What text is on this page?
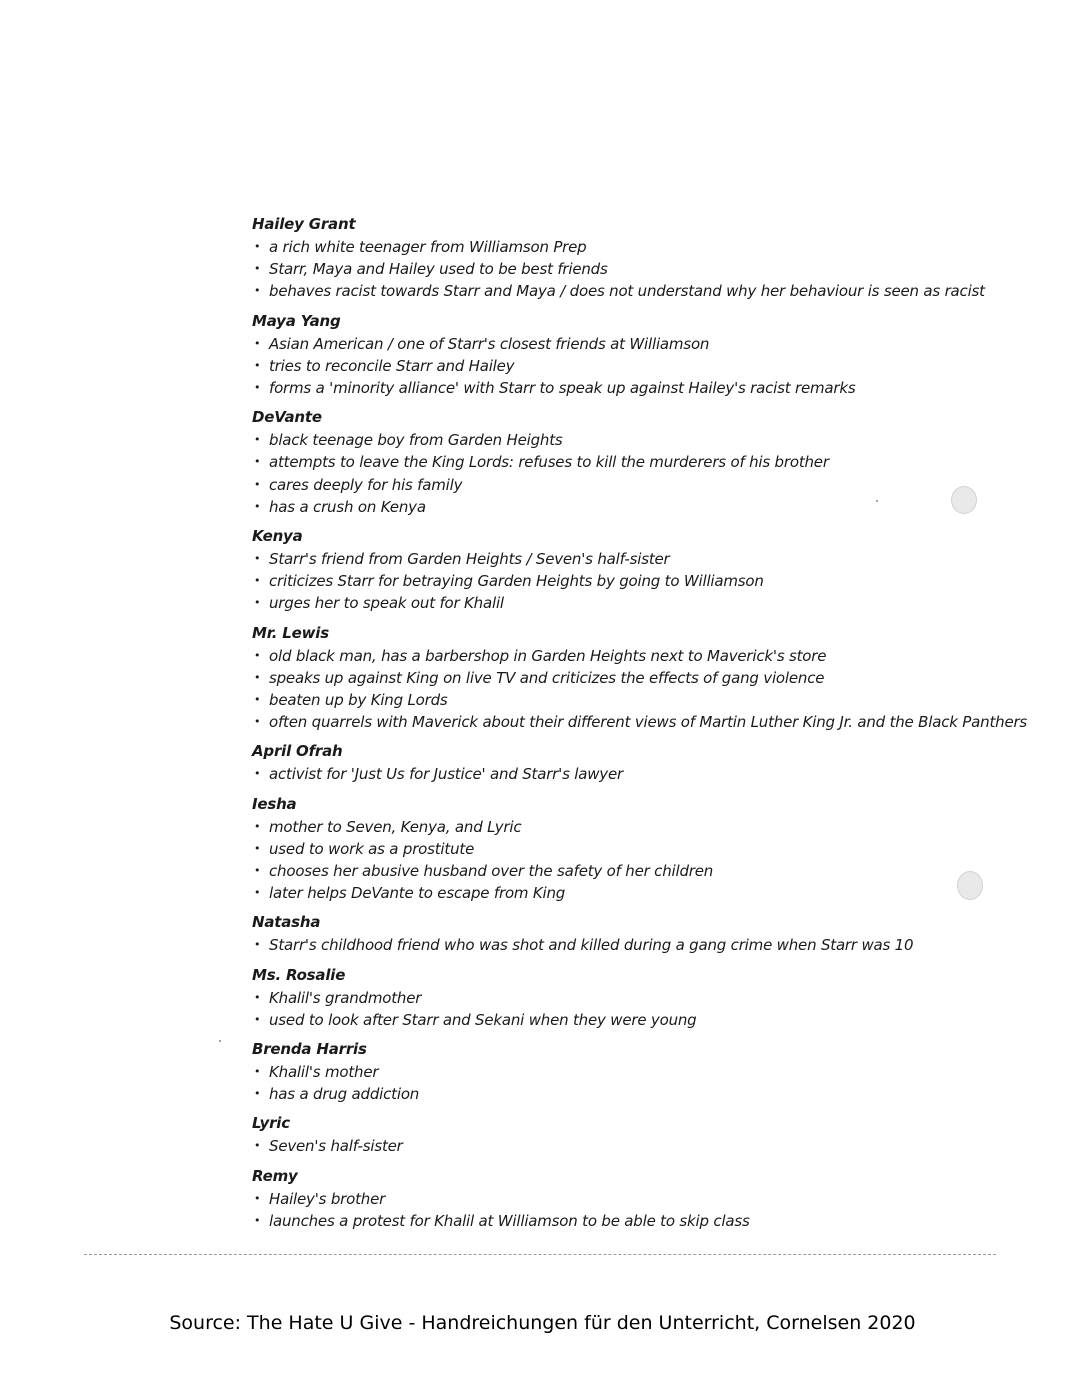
Hailey Grant

• a rich white teenager from Williamson Prep
• Starr, Maya and Hailey used to be best friends
• behaves racist towards Starr and Maya / does not understand why her behaviour is seen as racist

Maya Yang

• Asian American / one of Starr's closest friends at Williamson
• tries to reconcile Starr and Hailey
• forms a 'minority alliance' with Starr to speak up against Hailey's racist remarks

DeVante

• black teenage boy from Garden Heights
• attempts to leave the King Lords: refuses to kill the murderers of his brother
• cares deeply for his family
• has a crush on Kenya

Kenya

• Starr's friend from Garden Heights / Seven's half-sister
• criticizes Starr for betraying Garden Heights by going to Williamson
• urges her to speak out for Khalil

Mr. Lewis

• old black man, has a barbershop in Garden Heights next to Maverick's store
• speaks up against King on live TV and criticizes the effects of gang violence
• beaten up by King Lords
• often quarrels with Maverick about their different views of Martin Luther King Jr. and the Black Panthers

April Ofrah

• activist for 'Just Us for Justice' and Starr's lawyer

Iesha

• mother to Seven, Kenya, and Lyric
• used to work as a prostitute
• chooses her abusive husband over the safety of her children
• later helps DeVante to escape from King

Natasha

• Starr's childhood friend who was shot and killed during a gang crime when Starr was 10

Ms. Rosalie

• Khalil's grandmother
• used to look after Starr and Sekani when they were young

Brenda Harris

• Khalil's mother
• has a drug addiction

Lyric

• Seven's half-sister

Remy

• Hailey's brother
• launches a protest for Khalil at Williamson to be able to skip class
Source: The Hate U Give - Handreichungen für den Unterricht, Cornelsen 2020
